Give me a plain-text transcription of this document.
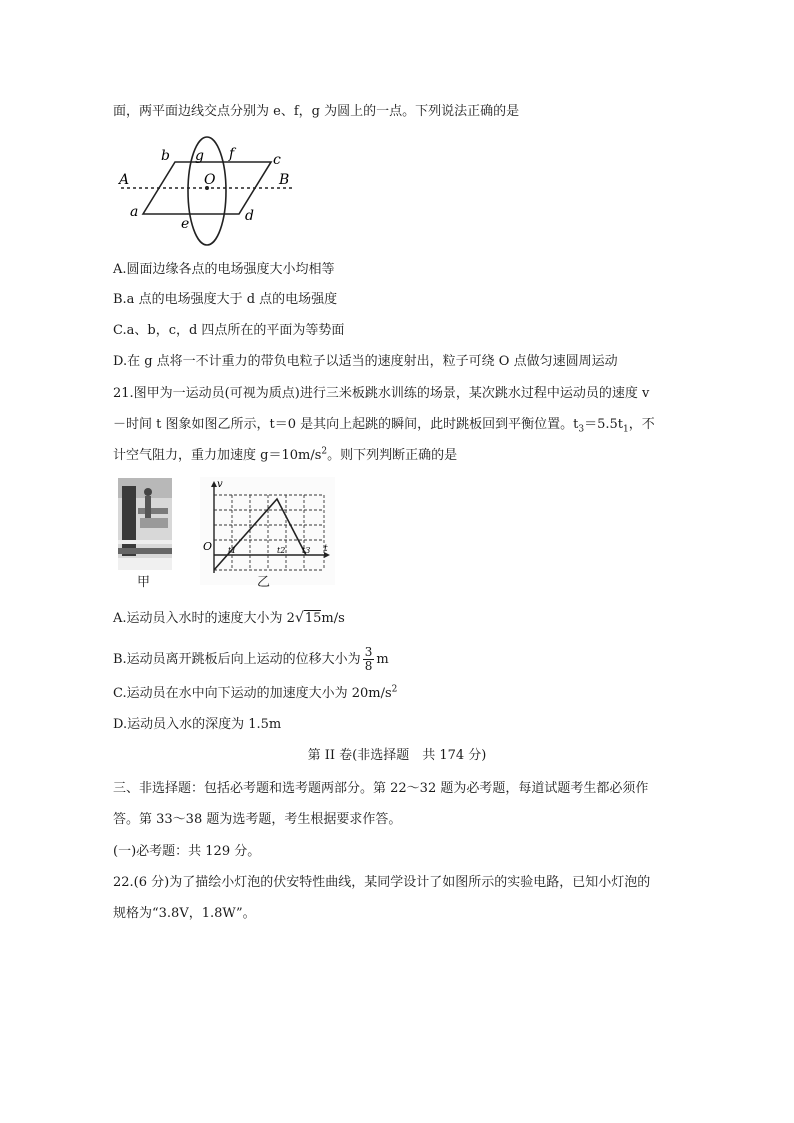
面，两平面边线交点分别为 e、f，g 为圆上的一点。下列说法正确的是
A	B
O
a
b	c
d
e
f
g
A.圆面边缘各点的电场强度大小均相等
B.a 点的电场强度大于 d 点的电场强度
C.a、b，c，d 四点所在的平面为等势面
D.在 g 点将一不计重力的带负电粒子以适当的速度射出，粒子可绕 O 点做匀速圆周运动
21.图甲为一运动员(可视为质点)进行三米板跳水训练的场景，某次跳水过程中运动员的速度 v
－时间 t 图象如图乙所示，t＝0 是其向上起跳的瞬间，此时跳板回到平衡位置。$t_3=5.5t_1$，不
计空气阻力，重力加速度 $g=10m/s^2$。则下列判断正确的是
甲
v
t
O t1	t2 t3
乙
A.运动员入水时的速度大小为 2√15m/s
B.运动员离开跳板后向上运动的位移大小为 $\frac{3}{8}$ m
C.运动员在水中向下运动的加速度大小为 $20m/s^2$
D.运动员入水的深度为 1.5m
第 II 卷(非选择题　共 174 分)
三、非选择题：包括必考题和选考题两部分。第 22～32 题为必考题，每道试题考生都必须作
答。第 33～38 题为选考题，考生根据要求作答。
(一)必考题：共 129 分。
22.(6 分)为了描绘小灯泡的伏安特性曲线，某同学设计了如图所示的实验电路，已知小灯泡的
规格为“3.8V，1.8W”。
